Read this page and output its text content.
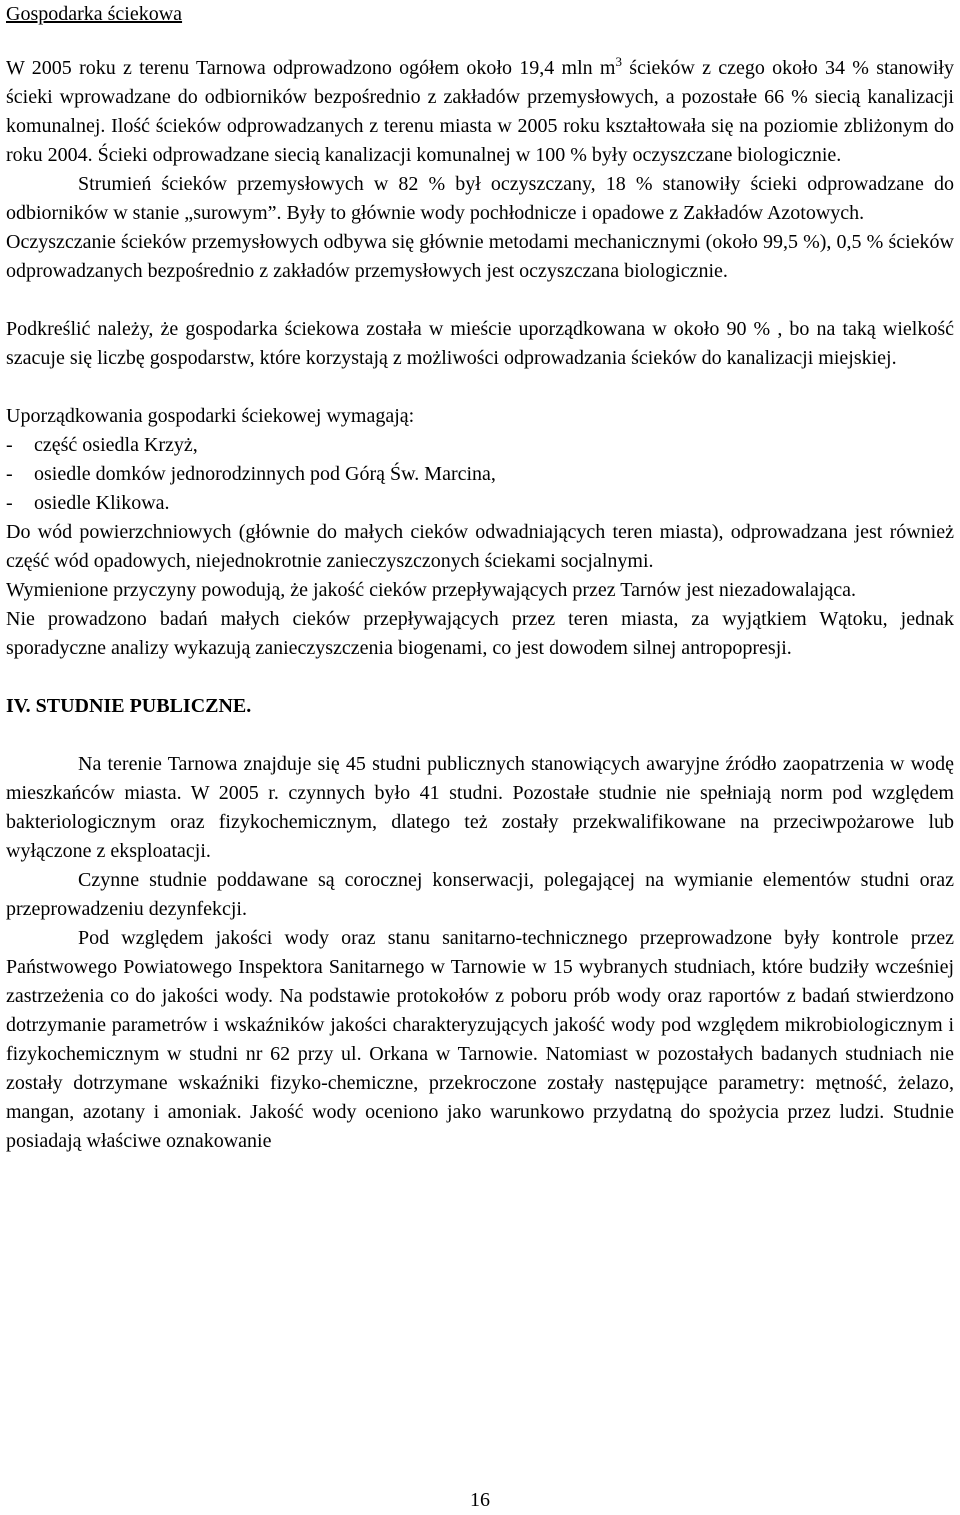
Gospodarka ściekowa

W 2005 roku z terenu Tarnowa odprowadzono ogółem około 19,4 mln $m^3$ ścieków z czego około 34 % stanowiły ścieki wprowadzane do odbiorników bezpośrednio z zakładów przemysłowych, a pozostałe 66 % siecią kanalizacji komunalnej. Ilość ścieków odprowadzanych z terenu miasta w 2005 roku kształtowała się na poziomie zbliżonym do roku 2004. Ścieki odprowadzane siecią kanalizacji komunalnej w 100 % były oczyszczane biologicznie.

Strumień ścieków przemysłowych w 82 % był oczyszczany, 18 % stanowiły ścieki odprowadzane do odbiorników w stanie „surowym”. Były to głównie wody pochłodnicze i opadowe z Zakładów Azotowych.

Oczyszczanie ścieków przemysłowych odbywa się głównie metodami mechanicznymi (około 99,5 %), 0,5 % ścieków odprowadzanych bezpośrednio z zakładów przemysłowych jest oczyszczana biologicznie.

Podkreślić należy, że gospodarka ściekowa została w mieście uporządkowana w około 90 % , bo na taką wielkość szacuje się liczbę gospodarstw, które korzystają z możliwości odprowadzania ścieków do kanalizacji miejskiej.

Uporządkowania gospodarki ściekowej wymagają:

- część osiedla Krzyż,
- osiedle domków jednorodzinnych pod Górą Św. Marcina,
- osiedle Klikowa.

Do wód powierzchniowych (głównie do małych cieków odwadniających teren miasta), odprowadzana jest również część wód opadowych, niejednokrotnie zanieczyszczonych ściekami socjalnymi.

Wymienione przyczyny powodują, że jakość cieków przepływających przez Tarnów jest niezadowalająca.

Nie prowadzono badań małych cieków przepływających przez teren miasta, za wyjątkiem Wątoku, jednak sporadyczne analizy wykazują zanieczyszczenia biogenami, co jest dowodem silnej antropopresji.

IV. STUDNIE PUBLICZNE.

Na terenie Tarnowa znajduje się 45 studni publicznych stanowiących awaryjne źródło zaopatrzenia w wodę mieszkańców miasta. W 2005 r. czynnych było 41 studni. Pozostałe studnie nie spełniają norm pod względem bakteriologicznym oraz fizykochemicznym, dlatego też zostały przekwalifikowane na przeciwpożarowe lub wyłączone z eksploatacji.

Czynne studnie poddawane są corocznej konserwacji, polegającej na wymianie elementów studni oraz przeprowadzeniu dezynfekcji.

Pod względem jakości wody oraz stanu sanitarno-technicznego przeprowadzone były kontrole przez Państwowego Powiatowego Inspektora Sanitarnego w Tarnowie w 15 wybranych studniach, które budziły wcześniej zastrzeżenia co do jakości wody. Na podstawie protokołów z poboru prób wody oraz raportów z badań stwierdzono dotrzymanie parametrów i wskaźników jakości charakteryzujących jakość wody pod względem mikrobiologicznym i fizykochemicznym w studni nr 62 przy ul. Orkana w Tarnowie. Natomiast w pozostałych badanych studniach nie zostały dotrzymane wskaźniki fizyko-chemiczne, przekroczone zostały następujące parametry: mętność, żelazo, mangan, azotany i amoniak. Jakość wody oceniono jako warunkowo przydatną do spożycia przez ludzi. Studnie posiadają właściwe oznakowanie

16
